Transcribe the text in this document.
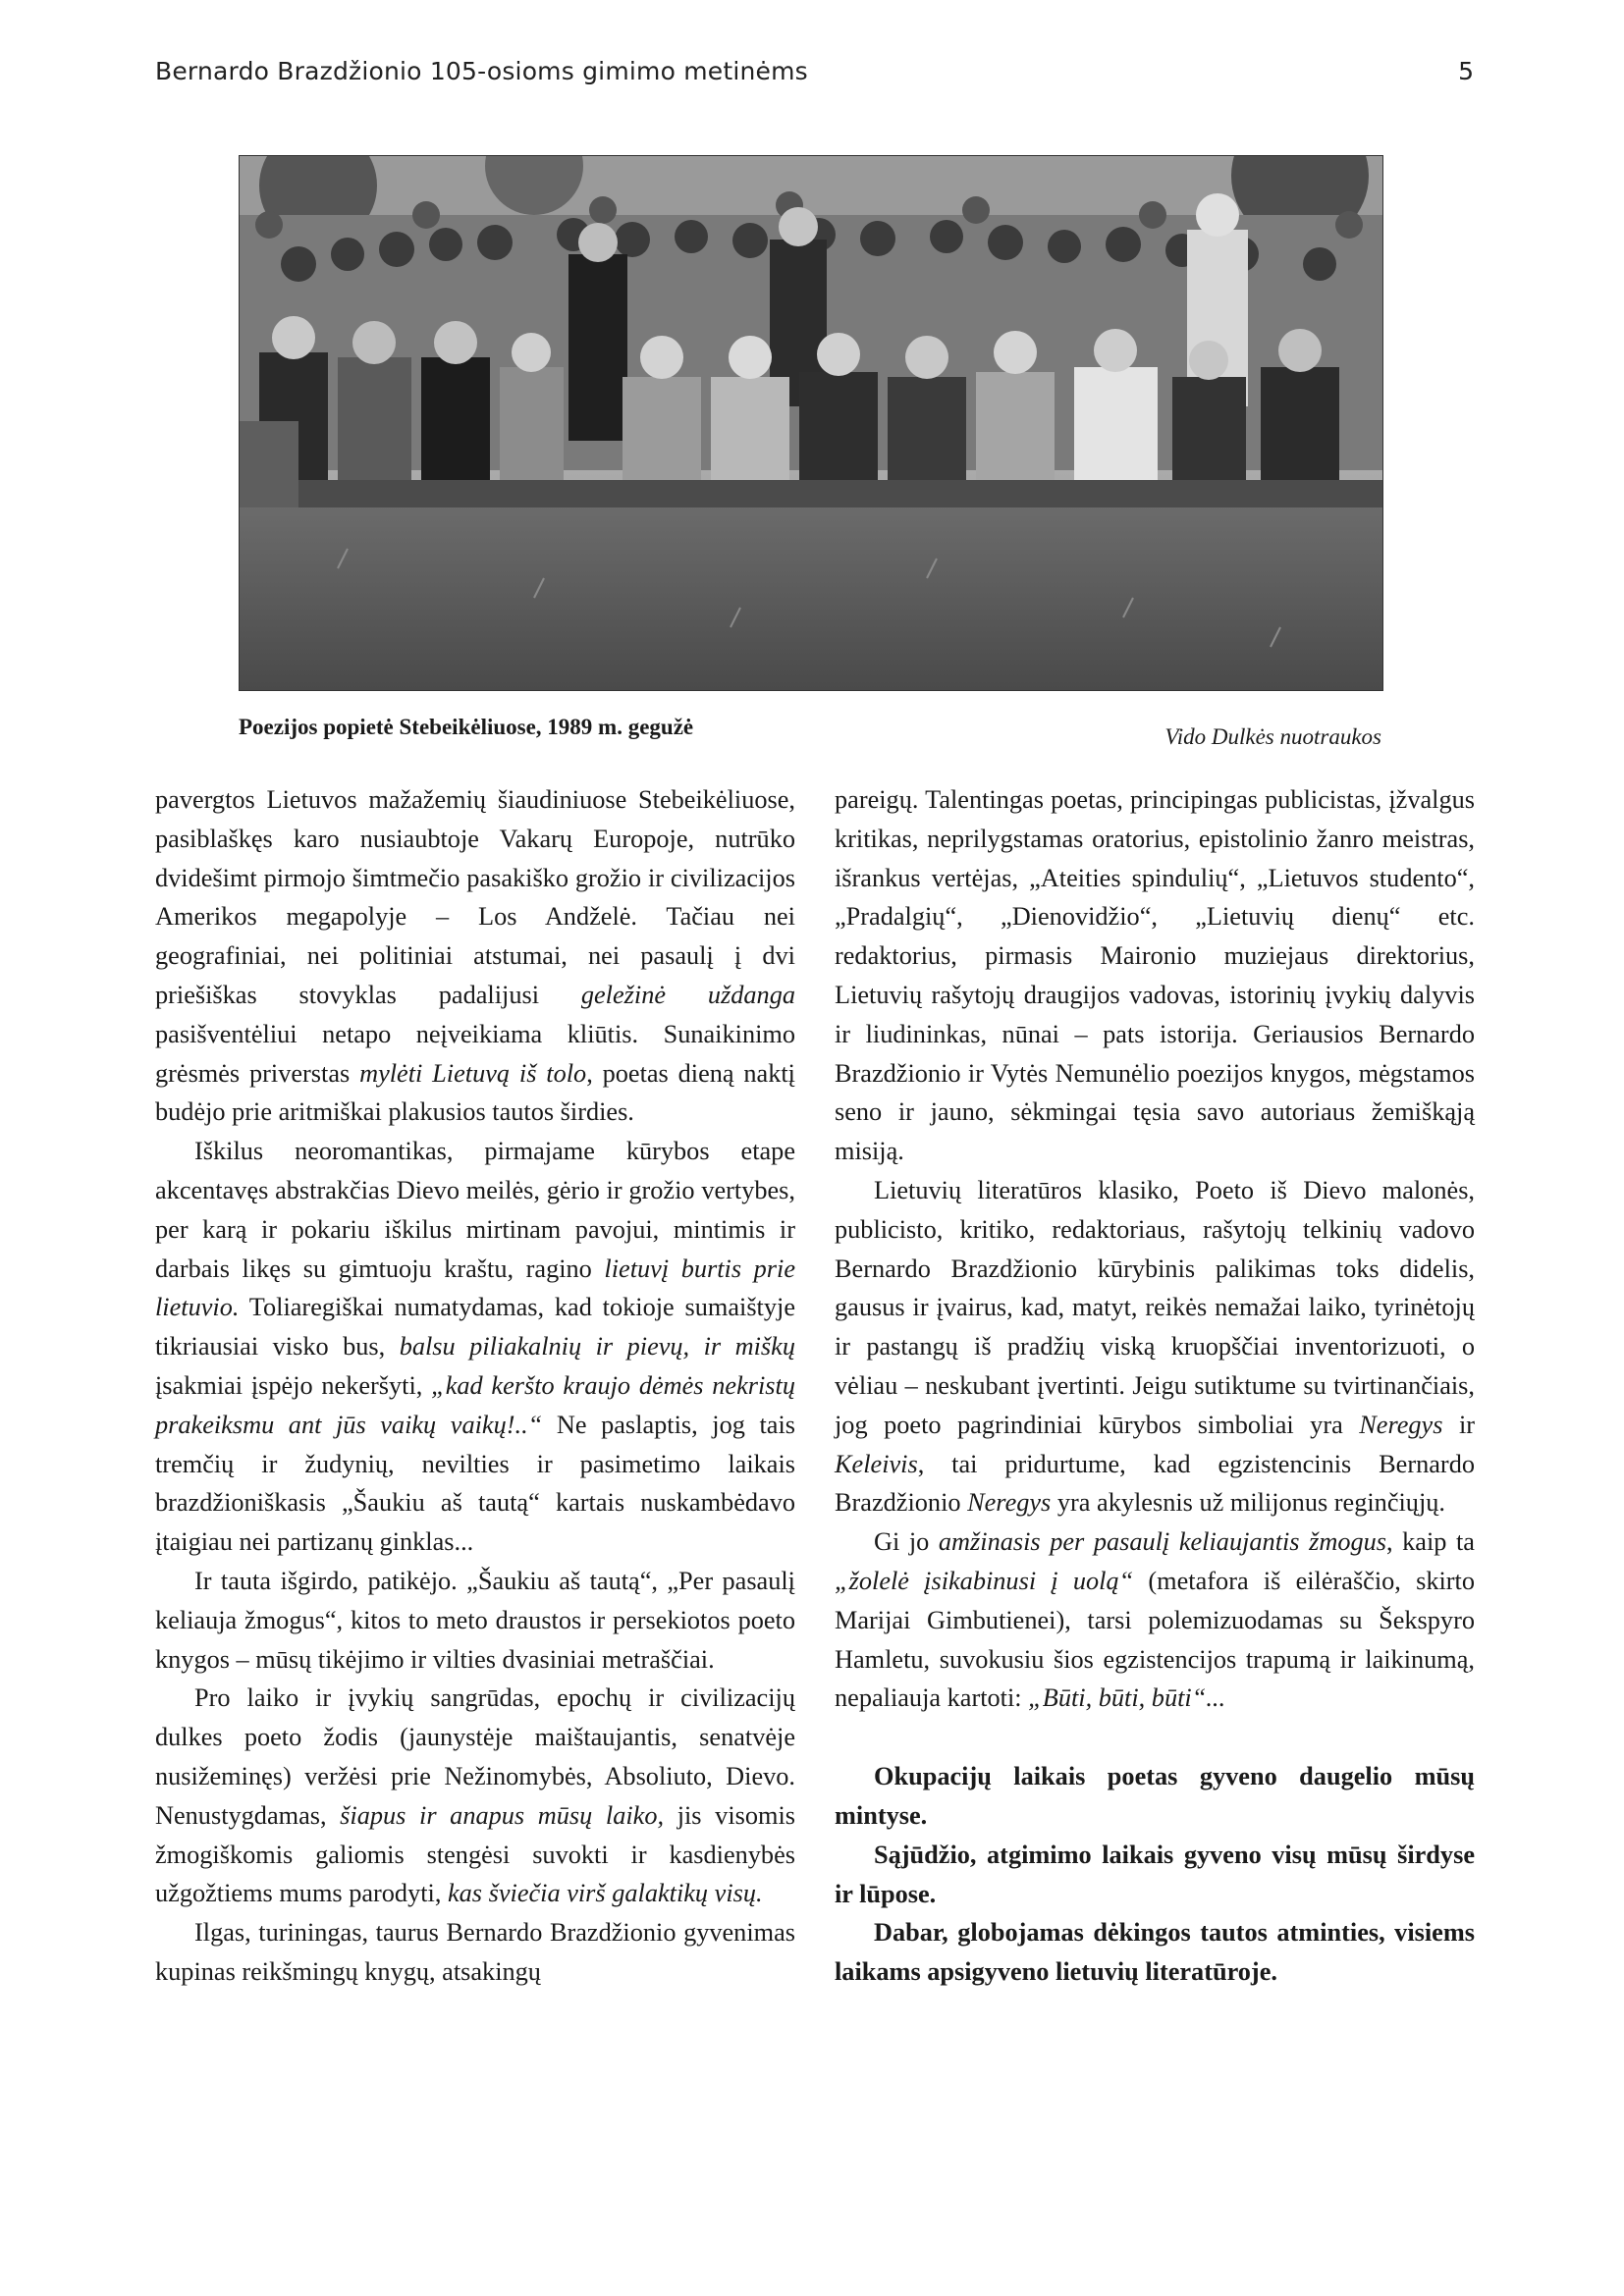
Bernardo Brazdžionio 105-osioms gimimo metinėms	5
Poezijos popietė Stebeikėliuose, 1989 m. gegužė	Vido Dulkės nuotraukos

pavergtos Lietuvos mažažemių šiaudiniuose Stebeikėliuose, pasiblaškęs karo nusiaubtoje Vakarų Europoje, nutrūko dvidešimt pirmojo šimtmečio pasakiško grožio ir civilizacijos Amerikos megapolyje – Los Andželė. Tačiau nei geografiniai, nei politiniai atstumai, nei pasaulį į dvi priešiškas stovyklas padalijusi geležinė uždanga pasišventėliui netapo neįveikiama kliūtis. Sunaikinimo grėsmės priverstas mylėti Lietuvą iš tolo, poetas dieną naktį budėjo prie aritmiškai plakusios tautos širdies.

Iškilus neoromantikas, pirmajame kūrybos etape akcentavęs abstrakčias Dievo meilės, gėrio ir grožio vertybes, per karą ir pokariu iškilus mirtinam pavojui, mintimis ir darbais likęs su gimtuoju kraštu, ragino lietuvį burtis prie lietuvio. Toliaregiškai numatydamas, kad tokioje sumaištyje tikriausiai visko bus, balsu piliakalnių ir pievų, ir miškų įsakmiai įspėjo nekeršyti, „kad keršto kraujo dėmės nekristų prakeiksmu ant jūs vaikų vaikų!..“ Ne paslaptis, jog tais tremčių ir žudynių, nevilties ir pasimetimo laikais brazdžioniškasis „Šaukiu aš tautą“ kartais nuskambėdavo įtaigiau nei partizanų ginklas...

Ir tauta išgirdo, patikėjo. „Šaukiu aš tautą“, „Per pasaulį keliauja žmogus“, kitos to meto draustos ir persekiotos poeto knygos – mūsų tikėjimo ir vilties dvasiniai metraščiai.

Pro laiko ir įvykių sangrūdas, epochų ir civilizacijų dulkes poeto žodis (jaunystėje maištaujantis, senatvėje nusižeminęs) veržėsi prie Nežinomybės, Absoliuto, Dievo. Nenustygdamas, šiapus ir anapus mūsų laiko, jis visomis žmogiškomis galiomis stengėsi suvokti ir kasdienybės užgožtiems mums parodyti, kas šviečia virš galaktikų visų.

Ilgas, turiningas, taurus Bernardo Brazdžionio gyvenimas kupinas reikšmingų knygų, atsakingų

pareigų. Talentingas poetas, principingas publicistas, įžvalgus kritikas, neprilygstamas oratorius, epistolinio žanro meistras, išrankus vertėjas, „Ateities spindulių“, „Lietuvos studento“, „Pradalgių“, „Dienovidžio“, „Lietuvių dienų“ etc. redaktorius, pirmasis Maironio muziejaus direktorius, Lietuvių rašytojų draugijos vadovas, istorinių įvykių dalyvis ir liudininkas, nūnai – pats istorija. Geriausios Bernardo Brazdžionio ir Vytės Nemunėlio poezijos knygos, mėgstamos seno ir jauno, sėkmingai tęsia savo autoriaus žemiškąją misiją.

Lietuvių literatūros klasiko, Poeto iš Dievo malonės, publicisto, kritiko, redaktoriaus, rašytojų telkinių vadovo Bernardo Brazdžionio kūrybinis palikimas toks didelis, gausus ir įvairus, kad, matyt, reikės nemažai laiko, tyrinėtojų ir pastangų iš pradžių viską kruopščiai inventorizuoti, o vėliau – neskubant įvertinti. Jeigu sutiktume su tvirtinančiais, jog poeto pagrindiniai kūrybos simboliai yra Neregys ir Keleivis, tai pridurtume, kad egzistencinis Bernardo Brazdžionio Neregys yra akylesnis už milijonus reginčiųjų.

Gi jo amžinasis per pasaulį keliaujantis žmogus, kaip ta „žolelė įsikabinusi į uolą“ (metafora iš eilėraščio, skirto Marijai Gimbutienei), tarsi polemizuodamas su Šekspyro Hamletu, suvokusiu šios egzistencijos trapumą ir laikinumą, nepaliauja kartoti: „Būti, būti, būti“...

Okupacijų laikais poetas gyveno daugelio mūsų mintyse.

Sąjūdžio, atgimimo laikais gyveno visų mūsų širdyse ir lūpose.

Dabar, globojamas dėkingos tautos atminties, visiems laikams apsigyveno lietuvių literatūroje.
